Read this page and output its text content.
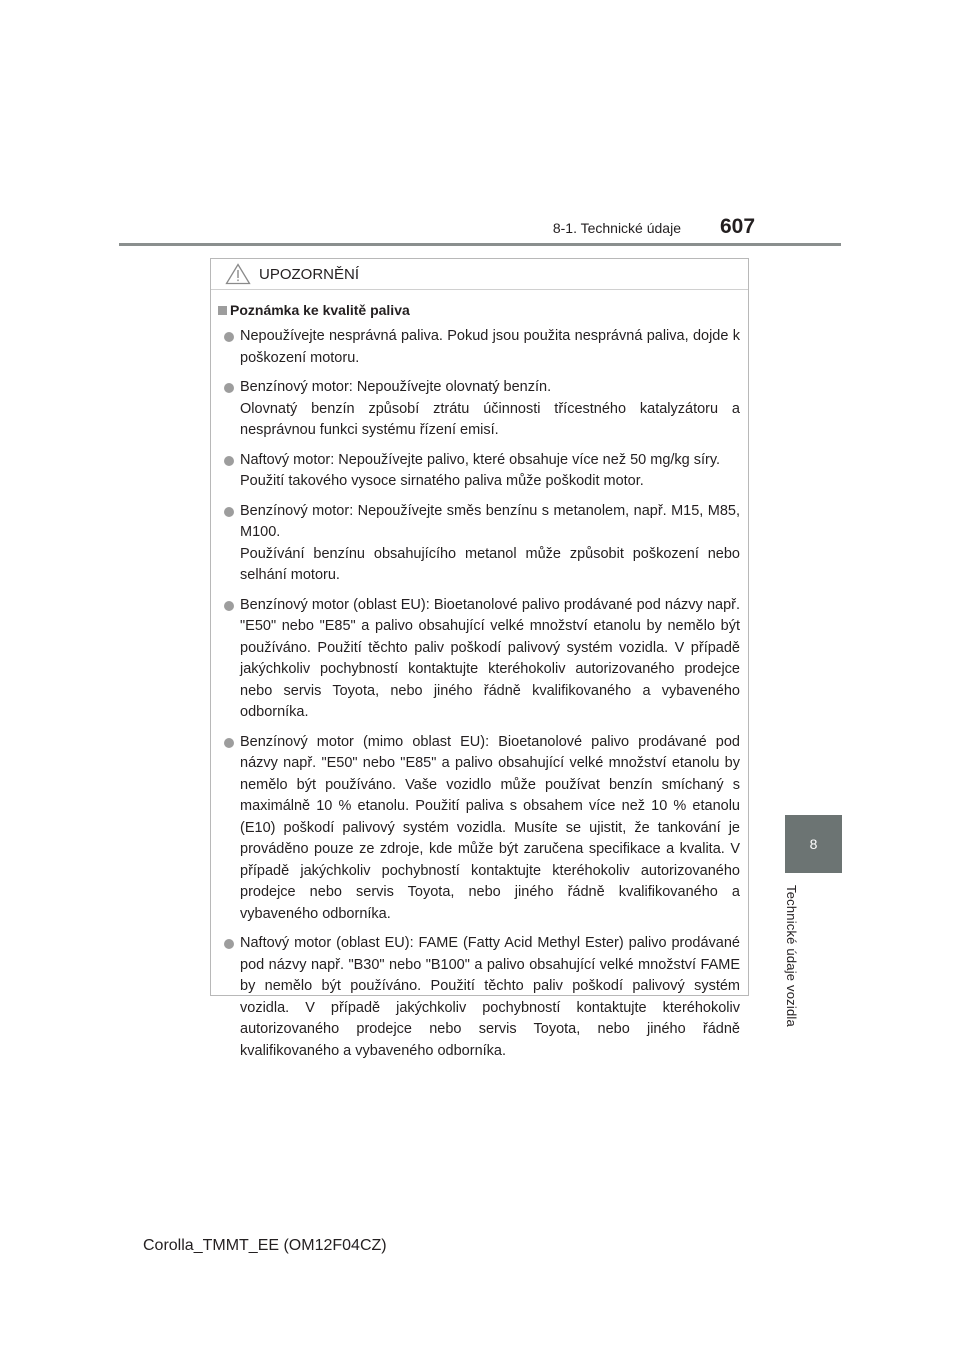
8-1. Technické údaje 607
8
Technické údaje vozidla
UPOZORNĚNÍ
Poznámka ke kvalitě paliva
Nepoužívejte nesprávná paliva. Pokud jsou použita nesprávná paliva, dojde k poškození motoru.
Benzínový motor: Nepoužívejte olovnatý benzín.
Olovnatý benzín způsobí ztrátu účinnosti třícestného katalyzátoru a nesprávnou funkci systému řízení emisí.
Naftový motor: Nepoužívejte palivo, které obsahuje více než 50 mg/kg síry.
Použití takového vysoce sirnatého paliva může poškodit motor.
Benzínový motor: Nepoužívejte směs benzínu s metanolem, např. M15, M85, M100.
Používání benzínu obsahujícího metanol může způsobit poškození nebo selhání motoru.
Benzínový motor (oblast EU): Bioetanolové palivo prodávané pod názvy např. "E50" nebo "E85" a palivo obsahující velké množství etanolu by nemělo být používáno. Použití těchto paliv poškodí palivový systém vozidla. V případě jakýchkoliv pochybností kontaktujte kteréhokoliv autorizovaného prodejce nebo servis Toyota, nebo jiného řádně kvalifikovaného a vybaveného odborníka.
Benzínový motor (mimo oblast EU): Bioetanolové palivo prodávané pod názvy např. "E50" nebo "E85" a palivo obsahující velké množství etanolu by nemělo být používáno. Vaše vozidlo může používat benzín smíchaný s maximálně 10 % etanolu. Použití paliva s obsahem více než 10 % etanolu (E10) poškodí palivový systém vozidla. Musíte se ujistit, že tankování je prováděno pouze ze zdroje, kde může být zaručena specifikace a kvalita. V případě jakýchkoliv pochybností kontaktujte kteréhokoliv autorizovaného prodejce nebo servis Toyota, nebo jiného řádně kvalifikovaného a vybaveného odborníka.
Naftový motor (oblast EU): FAME (Fatty Acid Methyl Ester) palivo prodávané pod názvy např. "B30" nebo "B100" a palivo obsahující velké množství FAME by nemělo být používáno. Použití těchto paliv poškodí palivový systém vozidla. V případě jakýchkoliv pochybností kontaktujte kteréhokoliv autorizovaného prodejce nebo servis Toyota, nebo jiného řádně kvalifikovaného a vybaveného odborníka.
Corolla_TMMT_EE (OM12F04CZ)
